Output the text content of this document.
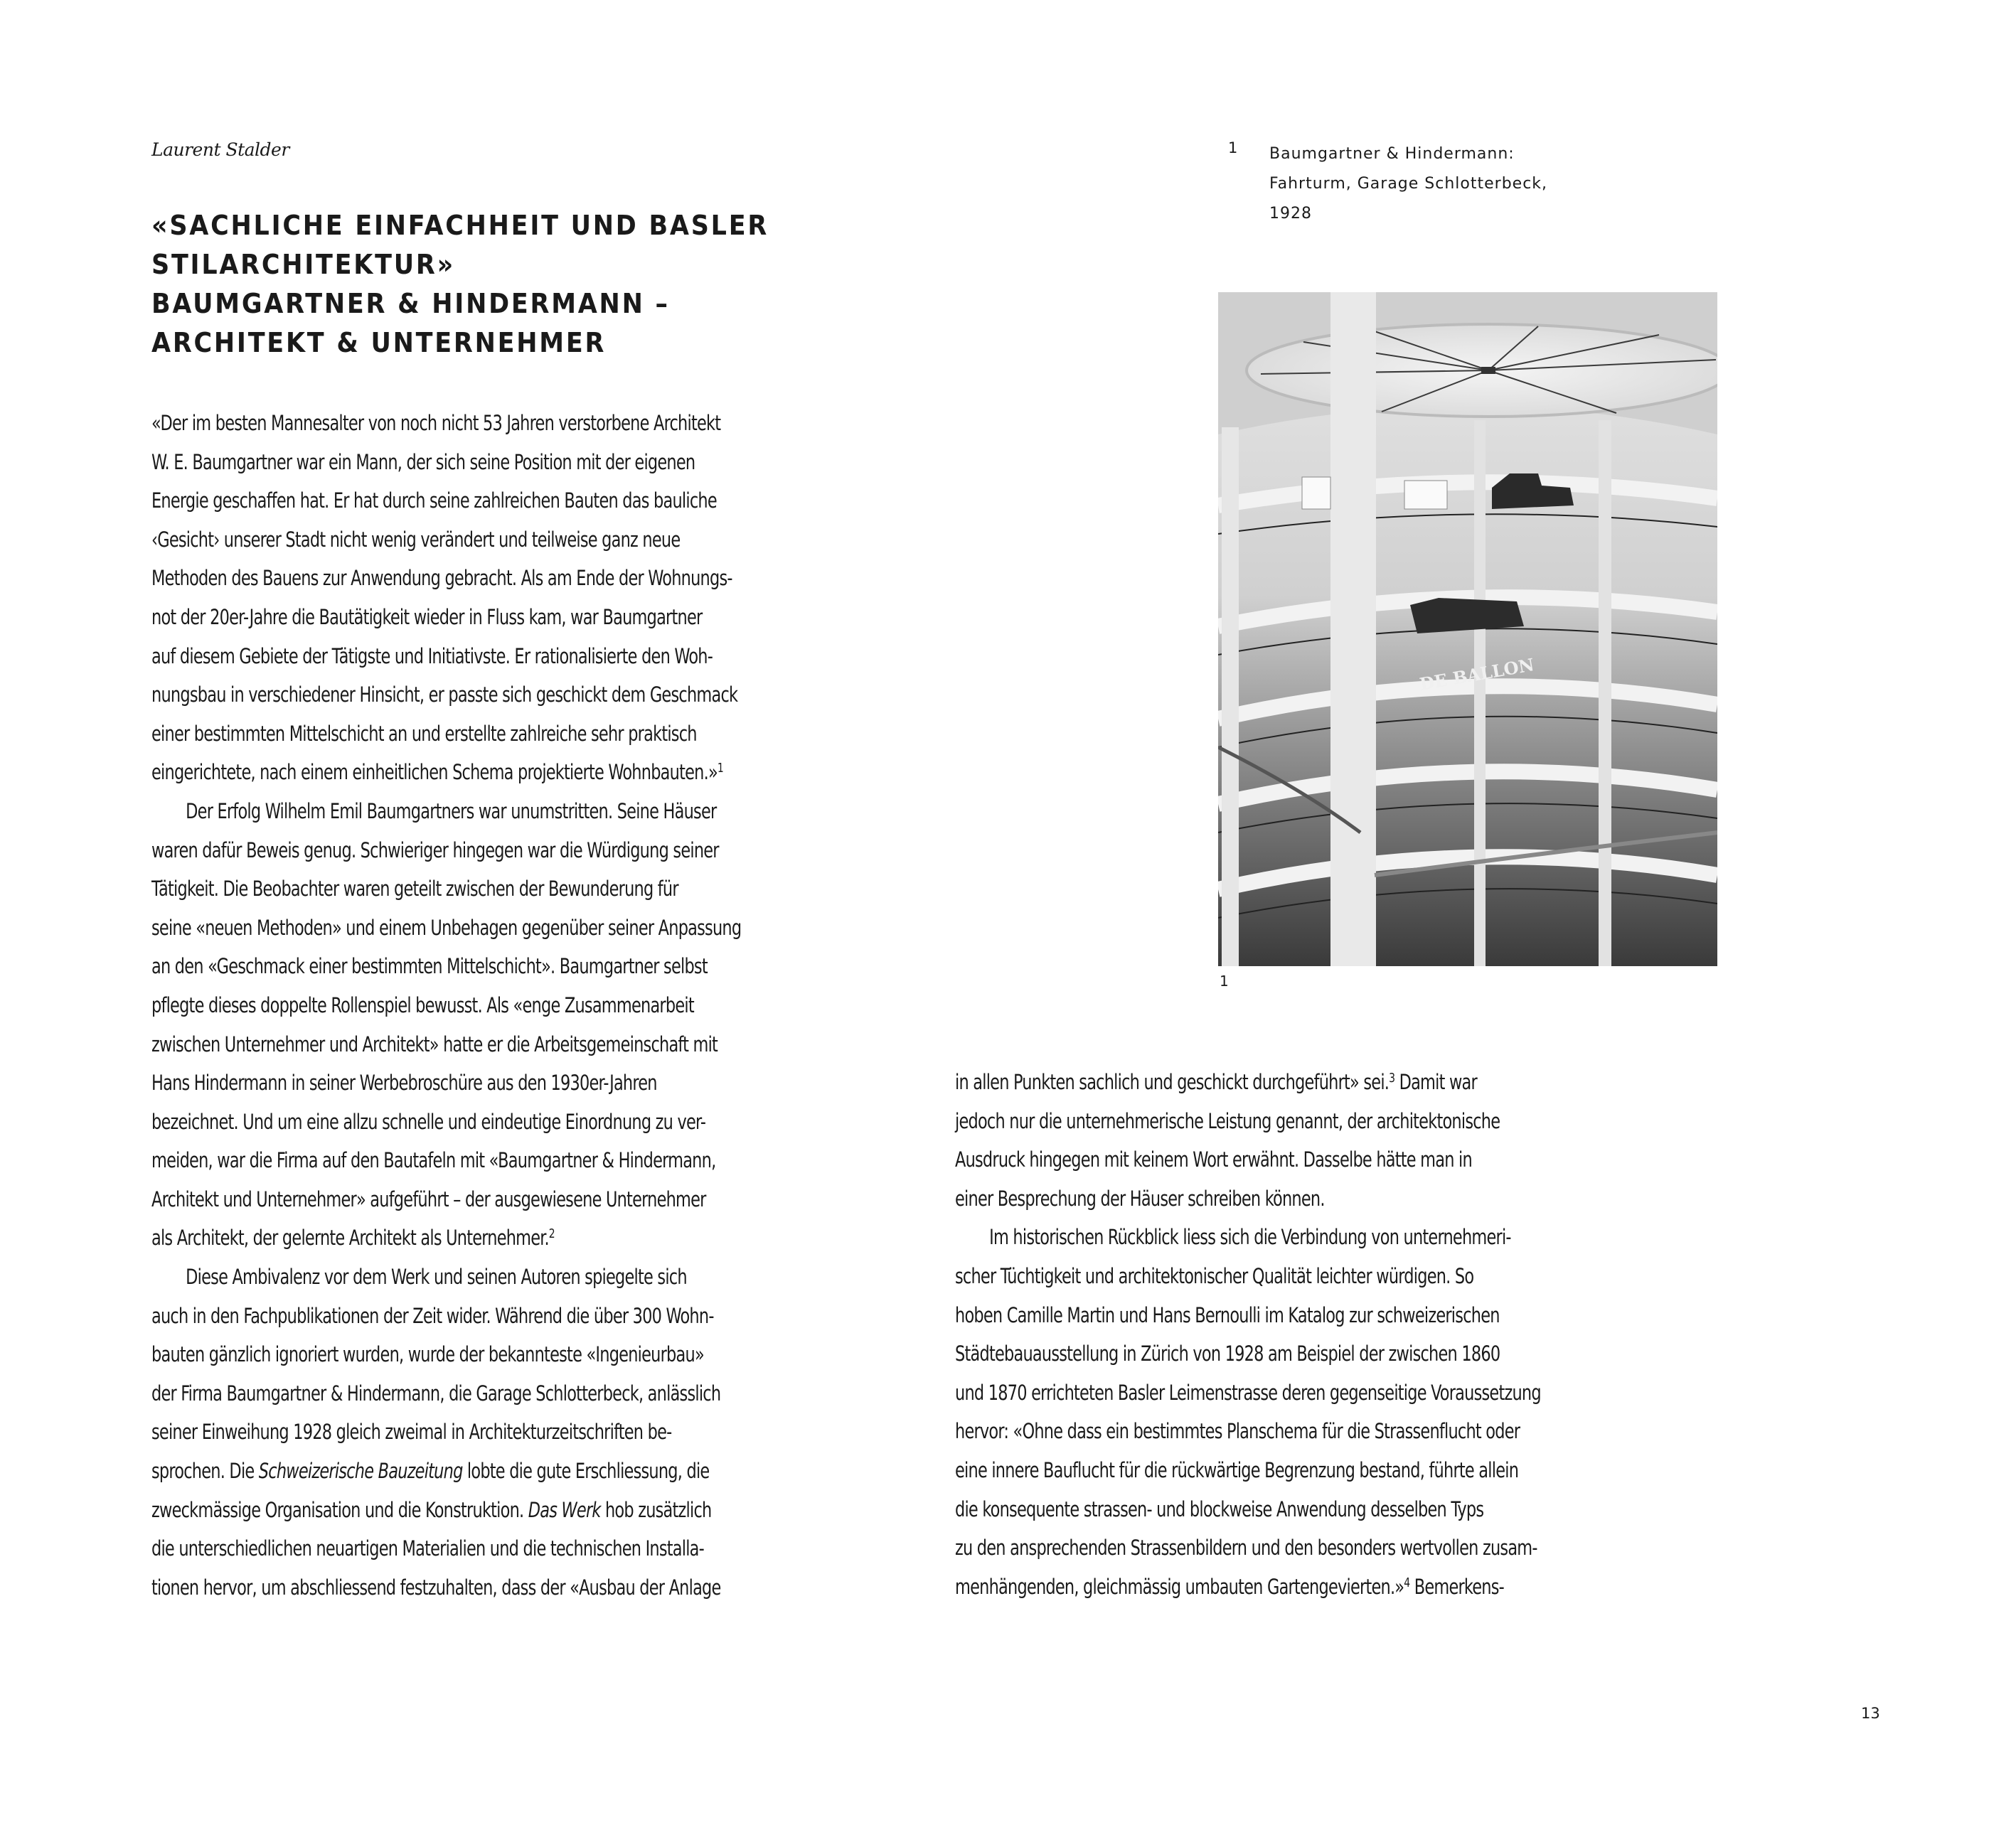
Laurent Stalder
«SACHLICHE EINFACHHEIT UND BASLER
STILARCHITEKTUR»
BAUMGARTNER & HINDERMANN –
ARCHITEKT & UNTERNEHMER
1 Baumgartner & Hindermann:
Fahrturm, Garage Schlotterbeck,
1928
DE BALLON
1
«Der im besten Mannesalter von noch nicht 53 Jahren verstorbene Architekt
W. E. Baumgartner war ein Mann, der sich seine Position mit der eigenen
Energie geschaffen hat. Er hat durch seine zahlreichen Bauten das bauliche
‹Gesicht› unserer Stadt nicht wenig verändert und teilweise ganz neue
Methoden des Bauens zur Anwendung gebracht. Als am Ende der Wohnungs-
not der 20er-Jahre die Bautätigkeit wieder in Fluss kam, war Baumgartner
auf diesem Gebiete der Tätigste und Initiativste. Er rationalisierte den Woh-
nungsbau in verschiedener Hinsicht, er passte sich geschickt dem Geschmack
einer bestimmten Mittelschicht an und erstellte zahlreiche sehr praktisch
eingerichtete, nach einem einheitlichen Schema projektierte Wohnbauten.»$^1$
Der Erfolg Wilhelm Emil Baumgartners war unumstritten. Seine Häuser
waren dafür Beweis genug. Schwieriger hingegen war die Würdigung seiner
Tätigkeit. Die Beobachter waren geteilt zwischen der Bewunderung für
seine «neuen Methoden» und einem Unbehagen gegenüber seiner Anpassung
an den «Geschmack einer bestimmten Mittelschicht». Baumgartner selbst
pflegte dieses doppelte Rollenspiel bewusst. Als «enge Zusammenarbeit
zwischen Unternehmer und Architekt» hatte er die Arbeitsgemeinschaft mit
Hans Hindermann in seiner Werbebroschüre aus den 1930er-Jahren
bezeichnet. Und um eine allzu schnelle und eindeutige Einordnung zu ver-
meiden, war die Firma auf den Bautafeln mit «Baumgartner & Hindermann,
Architekt und Unternehmer» aufgeführt – der ausgewiesene Unternehmer
als Architekt, der gelernte Architekt als Unternehmer.$^2$
Diese Ambivalenz vor dem Werk und seinen Autoren spiegelte sich
auch in den Fachpublikationen der Zeit wider. Während die über 300 Wohn-
bauten gänzlich ignoriert wurden, wurde der bekannteste «Ingenieurbau»
der Firma Baumgartner & Hindermann, die Garage Schlotterbeck, anlässlich
seiner Einweihung 1928 gleich zweimal in Architekturzeitschriften be-
sprochen. Die Schweizerische Bauzeitung lobte die gute Erschliessung, die
zweckmässige Organisation und die Konstruktion. Das Werk hob zusätzlich
die unterschiedlichen neuartigen Materialien und die technischen Installa-
tionen hervor, um abschliessend festzuhalten, dass der «Ausbau der Anlage
in allen Punkten sachlich und geschickt durchgeführt» sei.$^3$ Damit war
jedoch nur die unternehmerische Leistung genannt, der architektonische
Ausdruck hingegen mit keinem Wort erwähnt. Dasselbe hätte man in
einer Besprechung der Häuser schreiben können.
Im historischen Rückblick liess sich die Verbindung von unternehmeri-
scher Tüchtigkeit und architektonischer Qualität leichter würdigen. So
hoben Camille Martin und Hans Bernoulli im Katalog zur schweizerischen
Städtebauausstellung in Zürich von 1928 am Beispiel der zwischen 1860
und 1870 errichteten Basler Leimenstrasse deren gegenseitige Voraussetzung
hervor: «Ohne dass ein bestimmtes Planschema für die Strassenflucht oder
eine innere Bauflucht für die rückwärtige Begrenzung bestand, führte allein
die konsequente strassen- und blockweise Anwendung desselben Typs
zu den ansprechenden Strassenbildern und den besonders wertvollen zusam-
menhängenden, gleichmässig umbauten Gartengevierten.»$^4$ Bemerkens-
13
